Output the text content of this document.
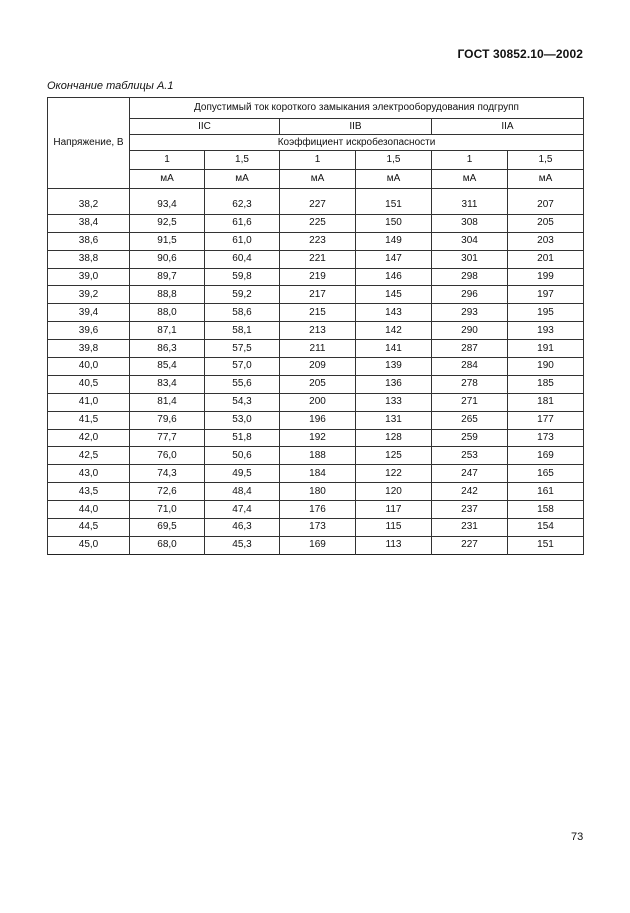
ГОСТ 30852.10—2002
Окончание таблицы А.1
Напряжение, В	Допустимый ток короткого замыкания электрооборудования подгрупп					
	IIC		IIB		IIA	
	Коэффициент искробезопасности					
	1	1,5	1	1,5	1	1,5
	мА	мА	мА	мА	мА	мА

38,2	93,4	62,3	227	151	311	207
38,4	92,5	61,6	225	150	308	205
38,6	91,5	61,0	223	149	304	203
38,8	90,6	60,4	221	147	301	201
39,0	89,7	59,8	219	146	298	199
39,2	88,8	59,2	217	145	296	197
39,4	88,0	58,6	215	143	293	195
39,6	87,1	58,1	213	142	290	193
39,8	86,3	57,5	211	141	287	191
40,0	85,4	57,0	209	139	284	190
40,5	83,4	55,6	205	136	278	185
41,0	81,4	54,3	200	133	271	181
41,5	79,6	53,0	196	131	265	177
42,0	77,7	51,8	192	128	259	173
42,5	76,0	50,6	188	125	253	169
43,0	74,3	49,5	184	122	247	165
43,5	72,6	48,4	180	120	242	161
44,0	71,0	47,4	176	117	237	158
44,5	69,5	46,3	173	115	231	154
45,0	68,0	45,3	169	113	227	151
73
